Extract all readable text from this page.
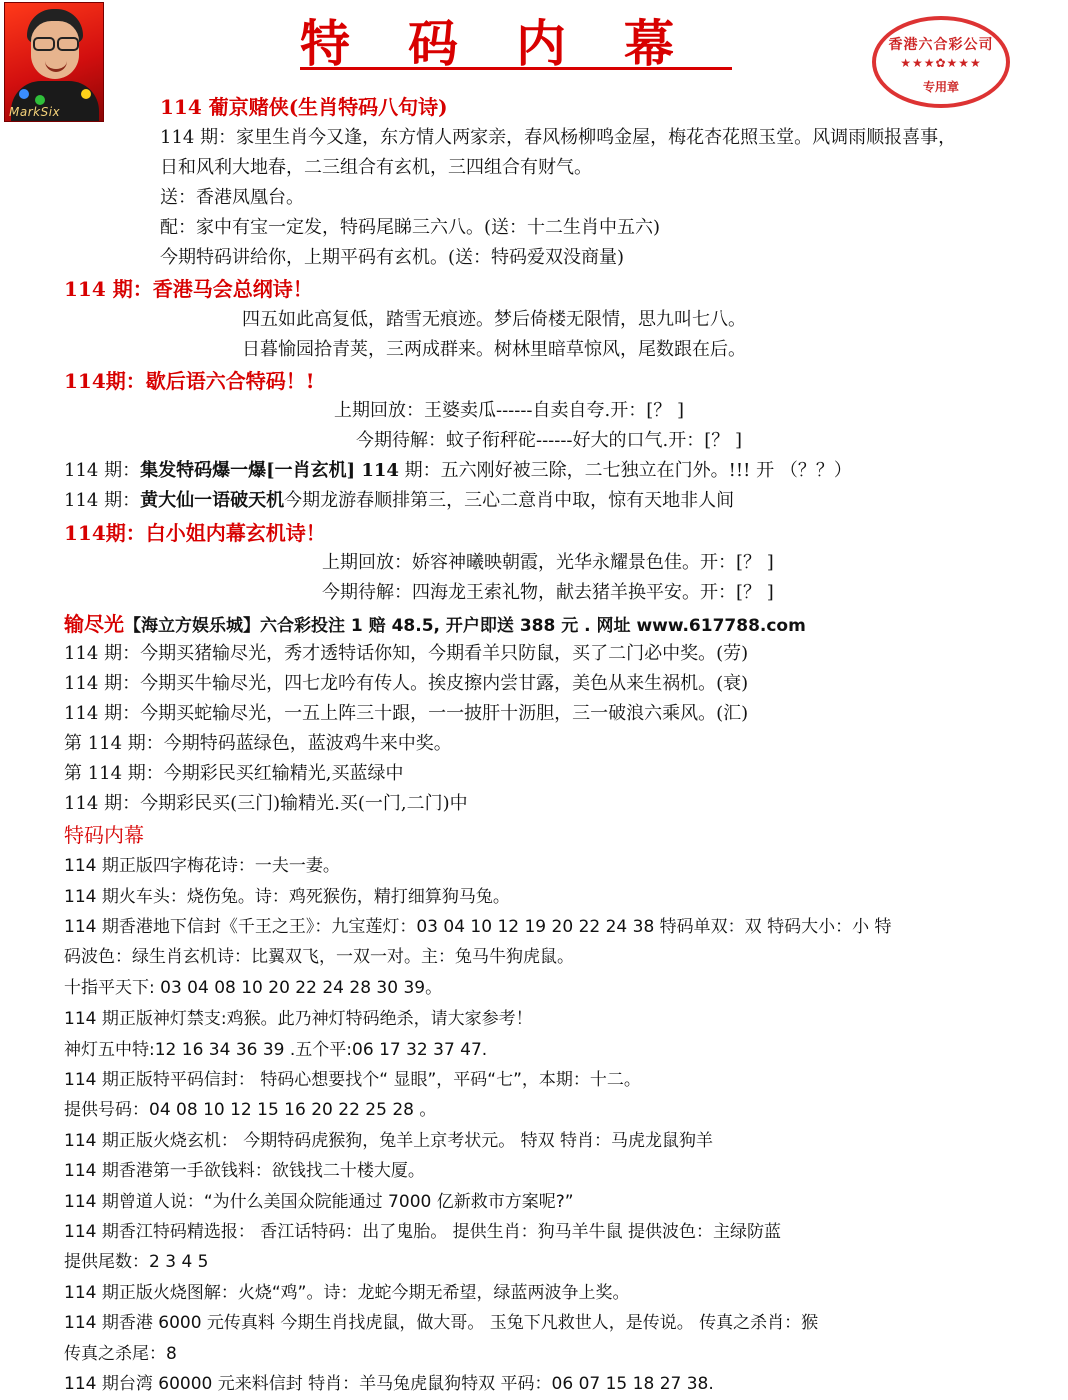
MarkSix
特码内幕	香港六合彩公司
★★★✿★★★
专用章
114 葡京赌侠(生肖特码八句诗)
114 期：家里生肖今又逢，东方情人两家亲，春风杨柳鸣金屋，梅花杏花照玉堂。风调雨顺报喜事，
日和风利大地春，二三组合有玄机，三四组合有财气。
送：香港凤凰台。
配：家中有宝一定发，特码尾睇三六八。(送：十二生肖中五六)
今期特码讲给你，上期平码有玄机。(送：特码爱双没商量)
114 期：香港马会总纲诗！
四五如此高复低，踏雪无痕迹。梦后倚楼无限情，思九叫七八。
日暮愉园拾青荚，三两成群来。树林里暗草惊风，尾数跟在后。
114期：歇后语六合特码！!
上期回放：王婆卖瓜------自卖自夸.开：[？ ]
今期待解：蚊子衔秤砣------好大的口气.开：[？ ]
114 期：集发特码爆一爆[一肖玄机] 114 期：五六刚好被三除，二七独立在门外。!!! 开 （？？）
114 期：黄大仙一语破天机今期龙游春顺排第三，三心二意肖中取，惊有天地非人间
114期：白小姐内幕玄机诗！
上期回放：娇容神曦映朝霞，光华永耀景色佳。开：[？ ]
今期待解：四海龙王索礼物，献去猪羊换平安。开：[？ ]
输尽光【海立方娱乐城】六合彩投注 1 赔 48.5, 开户即送 388 元 . 网址 www.617788.com
114 期：今期买猪输尽光，秀才透特话你知，今期看羊只防鼠，买了二门必中奖。(劳)
114 期：今期买牛输尽光，四七龙吟有传人。挨皮擦内尝甘露，美色从来生祸机。(衰)
114 期：今期买蛇输尽光，一五上阵三十跟，一一披肝十沥胆，三一破浪六乘风。(汇)
第 114 期：今期特码蓝绿色，蓝波鸡牛来中奖。
第 114 期：今期彩民买红输精光,买蓝绿中
114 期：今期彩民买(三门)输精光.买(一门,二门)中
特码内幕
114 期正版四字梅花诗：一夫一妻。
114 期火车头：烧伤兔。诗：鸡死猴伤，精打细算狗马兔。
114 期香港地下信封《千王之王》：九宝莲灯：03 04 10 12 19 20 22 24 38 特码单双：双 特码大小：小 特
码波色：绿生肖玄机诗：比翼双飞，一双一对。主：兔马牛狗虎鼠。
十指平天下: 03 04 08 10 20 22 24 28 30 39。
114 期正版神灯禁支:鸡猴。此乃神灯特码绝杀，请大家参考！
神灯五中特:12 16 34 36 39 .五个平:06 17 32 37 47.
114 期正版特平码信封： 特码心想要找个“ 显眼”，平码“七”，本期：十二。
提供号码：04 08 10 12 15 16 20 22 25 28 。
114 期正版火烧玄机： 今期特码虎猴狗，兔羊上京考状元。 特双 特肖：马虎龙鼠狗羊
114 期香港第一手欲钱料：欲钱找二十楼大厦。
114 期曾道人说：“为什么美国众院能通过 7000 亿新救市方案呢?”
114 期香江特码精选报： 香江话特码：出了鬼胎。 提供生肖：狗马羊牛鼠 提供波色：主绿防蓝
提供尾数：2 3 4 5
114 期正版火烧图解：火烧“鸡”。诗：龙蛇今期无希望，绿蓝两波争上奖。
114 期香港 6000 元传真料 今期生肖找虎鼠，做大哥。 玉兔下凡救世人，是传说。 传真之杀肖：猴
传真之杀尾：8
114 期台湾 60000 元来料信封 特肖：羊马兔虎鼠狗特双 平码：06 07 15 18 27 38.
